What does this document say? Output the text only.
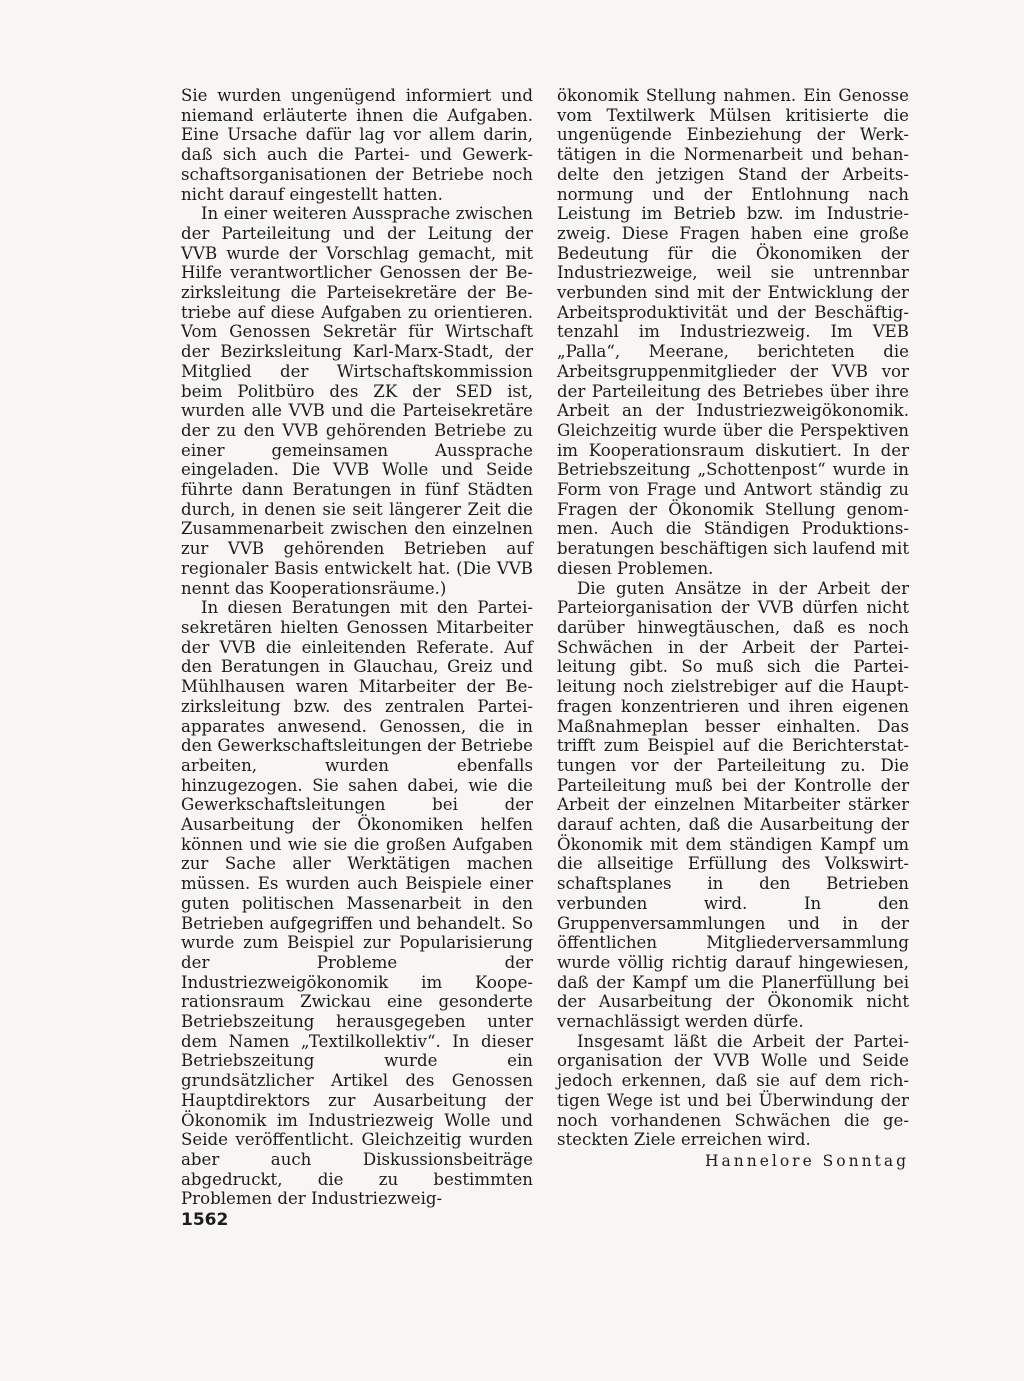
Sie wurden ungenügend informiert und niemand erläuterte ihnen die Aufgaben. Eine Ursache dafür lag vor allem darin, daß sich auch die Partei- und Gewerkschaftsorganisationen der Betriebe noch nicht darauf eingestellt hatten.

In einer weiteren Aussprache zwischen der Parteileitung und der Leitung der VVB wurde der Vorschlag gemacht, mit Hilfe verantwortlicher Genossen der Bezirksleitung die Parteisekretäre der Betriebe auf diese Aufgaben zu orientieren. Vom Genossen Sekretär für Wirtschaft der Bezirksleitung Karl-Marx-Stadt, der Mitglied der Wirtschaftskommission beim Politbüro des ZK der SED ist, wurden alle VVB und die Parteisekretäre der zu den VVB gehörenden Betriebe zu einer gemeinsamen Aussprache eingeladen. Die VVB Wolle und Seide führte dann Beratungen in fünf Städten durch, in denen sie seit längerer Zeit die Zusammenarbeit zwischen den einzelnen zur VVB gehörenden Betrieben auf regionaler Basis entwickelt hat. (Die VVB nennt das Kooperationsräume.)

In diesen Beratungen mit den Parteisekretären hielten Genossen Mitarbeiter der VVB die einleitenden Referate. Auf den Beratungen in Glauchau, Greiz und Mühlhausen waren Mitarbeiter der Bezirksleitung bzw. des zentralen Parteiapparates anwesend. Genossen, die in den Gewerkschaftsleitungen der Betriebe arbeiten, wurden ebenfalls hinzugezogen. Sie sahen dabei, wie die Gewerkschaftsleitungen bei der Ausarbeitung der Ökonomiken helfen können und wie sie die großen Aufgaben zur Sache aller Werktätigen machen müssen. Es wurden auch Beispiele einer guten politischen Massenarbeit in den Betrieben aufgegriffen und behandelt. So wurde zum Beispiel zur Popularisierung der Probleme der Industriezweigökonomik im Kooperationsraum Zwickau eine gesonderte Betriebszeitung herausgegeben unter dem Namen „Textilkollektiv“. In dieser Betriebszeitung wurde ein grundsätzlicher Artikel des Genossen Hauptdirektors zur Ausarbeitung der Ökonomik im Industriezweig Wolle und Seide veröffentlicht. Gleichzeitig wurden aber auch Diskussionsbeiträge abgedruckt, die zu bestimmten Problemen der Industriezweig-

ökonomik Stellung nahmen. Ein Genosse vom Textilwerk Mülsen kritisierte die ungenügende Einbeziehung der Werktätigen in die Normenarbeit und behandelte den jetzigen Stand der Arbeitsnormung und der Entlohnung nach Leistung im Betrieb bzw. im Industriezweig. Diese Fragen haben eine große Bedeutung für die Ökonomiken der Industriezweige, weil sie untrennbar verbunden sind mit der Entwicklung der Arbeitsproduktivität und der Beschäftigtenzahl im Industriezweig. Im VEB „Palla“, Meerane, berichteten die Arbeitsgruppenmitglieder der VVB vor der Parteileitung des Betriebes über ihre Arbeit an der Industriezweigökonomik. Gleichzeitig wurde über die Perspektiven im Kooperationsraum diskutiert. In der Betriebszeitung „Schottenpost“ wurde in Form von Frage und Antwort ständig zu Fragen der Ökonomik Stellung genommen. Auch die Ständigen Produktionsberatungen beschäftigen sich laufend mit diesen Problemen.

Die guten Ansätze in der Arbeit der Parteiorganisation der VVB dürfen nicht darüber hinwegtäuschen, daß es noch Schwächen in der Arbeit der Parteileitung gibt. So muß sich die Parteileitung noch zielstrebiger auf die Hauptfragen konzentrieren und ihren eigenen Maßnahmeplan besser einhalten. Das trifft zum Beispiel auf die Berichterstattungen vor der Parteileitung zu. Die Parteileitung muß bei der Kontrolle der Arbeit der einzelnen Mitarbeiter stärker darauf achten, daß die Ausarbeitung der Ökonomik mit dem ständigen Kampf um die allseitige Erfüllung des Volkswirtschaftsplanes in den Betrieben verbunden wird. In den Gruppenversammlungen und in der öffentlichen Mitgliederversammlung wurde völlig richtig darauf hingewiesen, daß der Kampf um die Planerfüllung bei der Ausarbeitung der Ökonomik nicht vernachlässigt werden dürfe.

Insgesamt läßt die Arbeit der Parteiorganisation der VVB Wolle und Seide jedoch erkennen, daß sie auf dem richtigen Wege ist und bei Überwindung der noch vorhandenen Schwächen die gesteckten Ziele erreichen wird.

Hannelore Sonntag
1562
